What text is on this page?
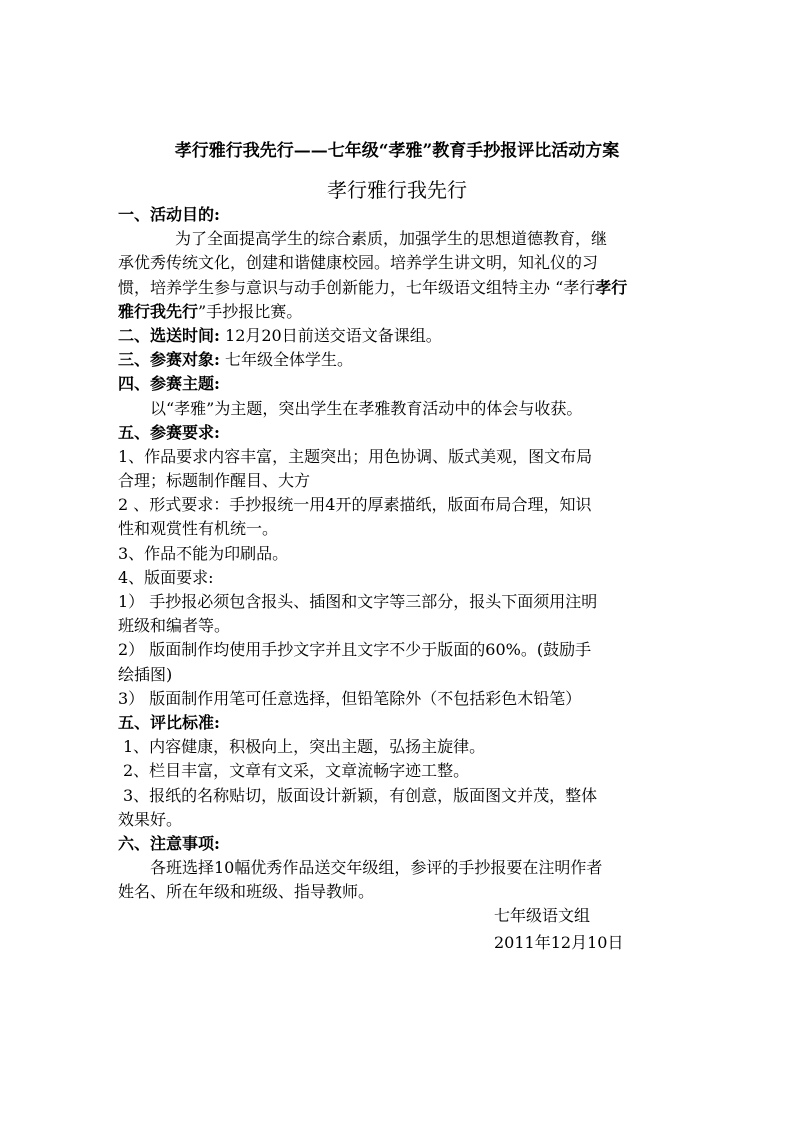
孝行雅行我先行——七年级“孝雅”教育手抄报评比活动方案
孝行雅行我先行
一、活动目的:
为了全面提高学生的综合素质，加强学生的思想道德教育，继
承优秀传统文化，创建和谐健康校园。培养学生讲文明，知礼仪的习
惯，培养学生参与意识与动手创新能力，七年级语文组特主办 “孝行孝行
雅行我先行”手抄报比赛。
二、选送时间: 12月20日前送交语文备课组。
三、参赛对象: 七年级全体学生。
四、参赛主题:
以“孝雅”为主题，突出学生在孝雅教育活动中的体会与收获。
五、参赛要求:
1、作品要求内容丰富，主题突出；用色协调、版式美观，图文布局
合理；标题制作醒目、大方
2 、形式要求：手抄报统一用4开的厚素描纸，版面布局合理，知识
性和观赏性有机统一。
3、作品不能为印刷品。
4、版面要求:
1） 手抄报必须包含报头、插图和文字等三部分，报头下面须用注明
班级和编者等。
2） 版面制作均使用手抄文字并且文字不少于版面的60%。(鼓励手
绘插图)
3） 版面制作用笔可任意选择，但铅笔除外（不包括彩色木铅笔）
五、评比标准:
1、内容健康，积极向上，突出主题，弘扬主旋律。
2、栏目丰富，文章有文采，文章流畅字迹工整。
3、报纸的名称贴切，版面设计新颖，有创意，版面图文并茂，整体
效果好。
六、注意事项:
各班选择10幅优秀作品送交年级组，参评的手抄报要在注明作者
姓名、所在年级和班级、指导教师。
七年级语文组
2011年12月10日
